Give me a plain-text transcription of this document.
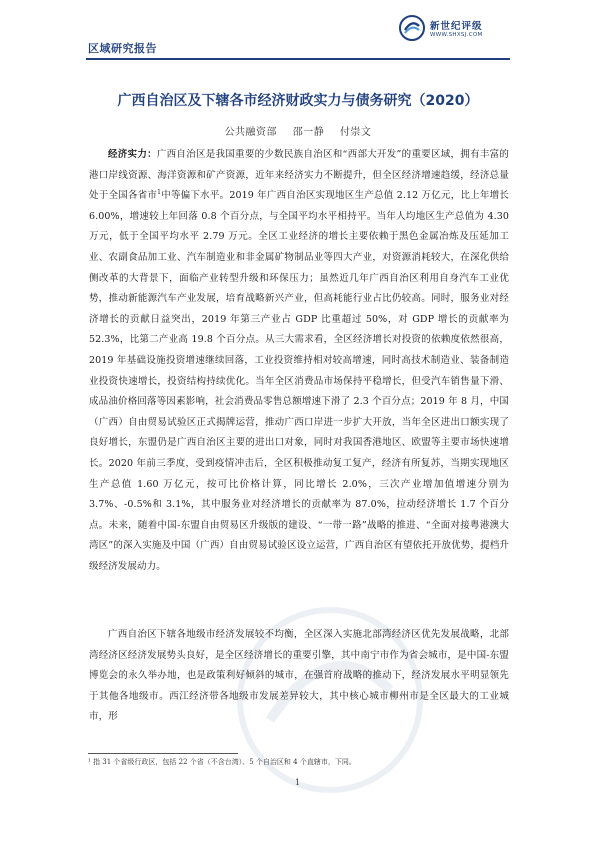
区域研究报告
新世纪评级
WWW.SHXSJ.COM
广西自治区及下辖各市经济财政实力与债务研究（2020）
公共融资部 邵一静 付崇文

经济实力：广西自治区是我国重要的少数民族自治区和“西部大开发”的重要区域，拥有丰富的港口岸线资源、海洋资源和矿产资源，近年来经济实力不断提升，但全区经济增速趋缓，经济总量处于全国各省市$^1$中等偏下水平。2019 年广西自治区实现地区生产总值 2.12 万亿元，比上年增长 6.00%，增速较上年回落 0.8 个百分点，与全国平均水平相持平。当年人均地区生产总值为 4.30 万元，低于全国平均水平 2.79 万元。全区工业经济的增长主要依赖于黑色金属冶炼及压延加工业、农副食品加工业、汽车制造业和非金属矿物制品业等四大产业，对资源消耗较大，在深化供给侧改革的大背景下，面临产业转型升级和环保压力；虽然近几年广西自治区利用自身汽车工业优势，推动新能源汽车产业发展，培育战略新兴产业，但高耗能行业占比仍较高。同时，服务业对经济增长的贡献日益突出，2019 年第三产业占 GDP 比重超过 50%，对 GDP 增长的贡献率为 52.3%，比第二产业高 19.8 个百分点。从三大需求看，全区经济增长对投资的依赖度依然很高，2019 年基础设施投资增速继续回落，工业投资维持相对较高增速，同时高技术制造业、装备制造业投资快速增长，投资结构持续优化。当年全区消费品市场保持平稳增长，但受汽车销售量下滑、成品油价格回落等因素影响，社会消费品零售总额增速下滑了 2.3 个百分点；2019 年 8 月，中国（广西）自由贸易试验区正式揭牌运营，推动广西口岸进一步扩大开放，当年全区进出口额实现了良好增长，东盟仍是广西自治区主要的进出口对象，同时对我国香港地区、欧盟等主要市场快速增长。2020 年前三季度，受到疫情冲击后，全区积极推动复工复产，经济有所复苏，当期实现地区生产总值 1.60 万亿元，按可比价格计算，同比增长 2.0%，三次产业增加值增速分别为 3.7%、-0.5%和 3.1%，其中服务业对经济增长的贡献率为 87.0%，拉动经济增长 1.7 个百分点。未来，随着中国-东盟自由贸易区升级版的建设、“一带一路”战略的推进、“全面对接粤港澳大湾区”的深入实施及中国（广西）自由贸易试验区设立运营，广西自治区有望依托开放优势，提档升级经济发展动力。

广西自治区下辖各地级市经济发展较不均衡，全区深入实施北部湾经济区优先发展战略，北部湾经济区经济发展势头良好，是全区经济增长的重要引擎，其中南宁市作为省会城市，是中国-东盟博览会的永久举办地，也是政策利好倾斜的城市，在强首府战略的推动下，经济发展水平明显领先于其他各地级市。西江经济带各地级市发展差异较大，其中核心城市柳州市是全区最大的工业城市，形

¹ 指 31 个省级行政区，包括 22 个省（不含台湾）、5 个自治区和 4 个直辖市，下同。

1
